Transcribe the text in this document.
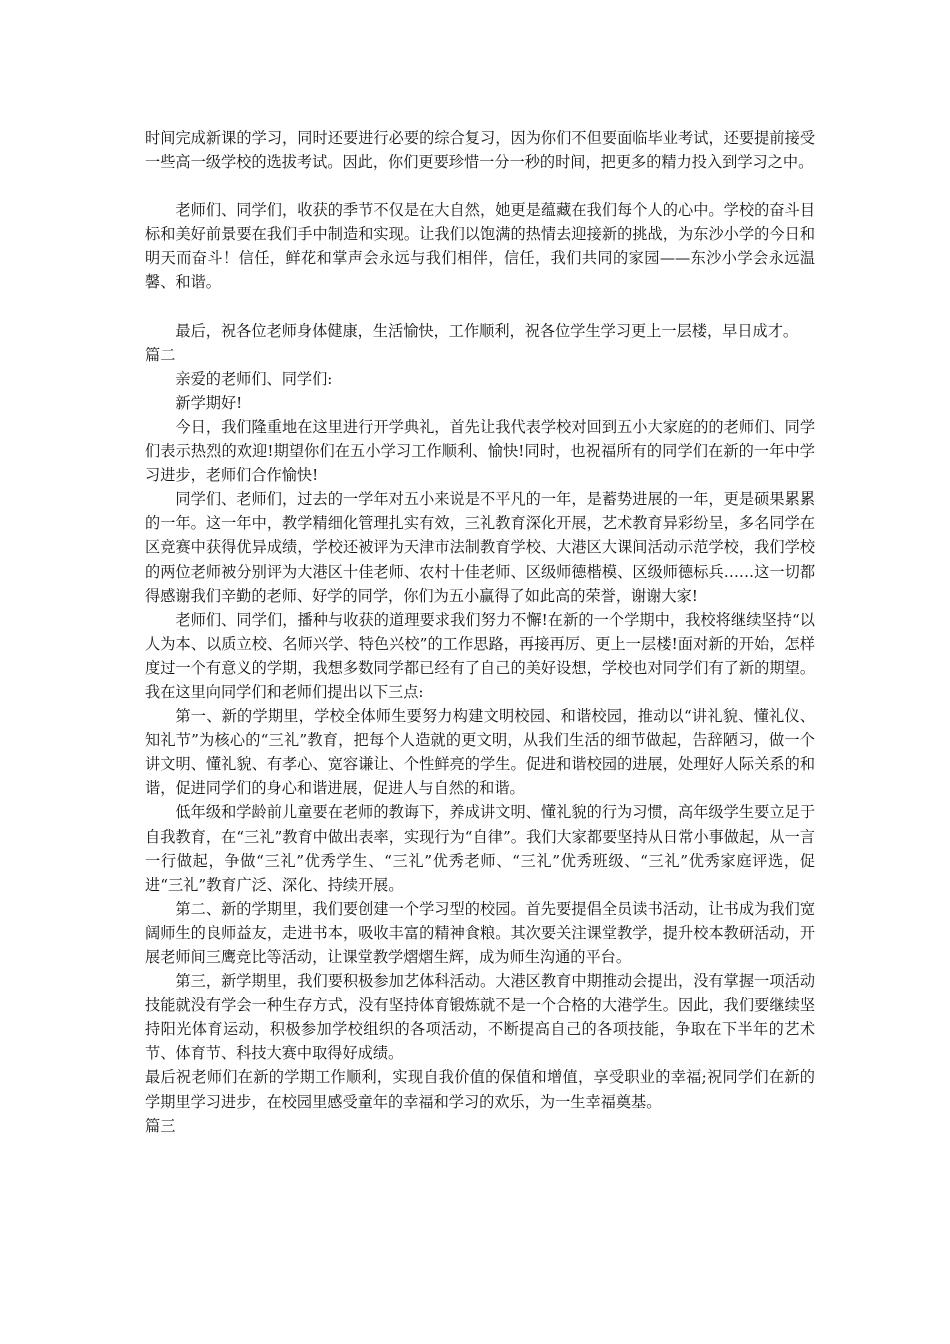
时间完成新课的学习，同时还要进行必要的综合复习，因为你们不但要面临毕业考试，还要提前接受一些高一级学校的选拔考试。因此，你们更要珍惜一分一秒的时间，把更多的精力投入到学习之中。

老师们、同学们，收获的季节不仅是在大自然，她更是蕴藏在我们每个人的心中。学校的奋斗目标和美好前景要在我们手中制造和实现。让我们以饱满的热情去迎接新的挑战，为东沙小学的今日和明天而奋斗！信任，鲜花和掌声会永远与我们相伴，信任，我们共同的家园——东沙小学会永远温馨、和谐。

最后，祝各位老师身体健康，生活愉快，工作顺利，祝各位学生学习更上一层楼，早日成才。

篇二

亲爱的老师们、同学们:

新学期好!

今日，我们隆重地在这里进行开学典礼，首先让我代表学校对回到五小大家庭的的老师们、同学们表示热烈的欢迎!期望你们在五小学习工作顺利、愉快!同时，也祝福所有的同学们在新的一年中学习进步，老师们合作愉快!

同学们、老师们，过去的一学年对五小来说是不平凡的一年，是蓄势进展的一年，更是硕果累累的一年。这一年中，教学精细化管理扎实有效，三礼教育深化开展，艺术教育异彩纷呈，多名同学在区竞赛中获得优异成绩，学校还被评为天津市法制教育学校、大港区大课间活动示范学校，我们学校的两位老师被分别评为大港区十佳老师、农村十佳老师、区级师德楷模、区级师德标兵……这一切都得感谢我们辛勤的老师、好学的同学，你们为五小赢得了如此高的荣誉，谢谢大家!

老师们、同学们，播种与收获的道理要求我们努力不懈!在新的一个学期中，我校将继续坚持“以人为本、以质立校、名师兴学、特色兴校”的工作思路，再接再厉、更上一层楼!面对新的开始，怎样度过一个有意义的学期，我想多数同学都已经有了自己的美好设想，学校也对同学们有了新的期望。我在这里向同学们和老师们提出以下三点:

第一、新的学期里，学校全体师生要努力构建文明校园、和谐校园，推动以“讲礼貌、懂礼仪、知礼节”为核心的“三礼”教育，把每个人造就的更文明，从我们生活的细节做起，告辞陋习，做一个讲文明、懂礼貌、有孝心、宽容谦让、个性鲜亮的学生。促进和谐校园的进展，处理好人际关系的和谐，促进同学们的身心和谐进展，促进人与自然的和谐。

低年级和学龄前儿童要在老师的教诲下，养成讲文明、懂礼貌的行为习惯，高年级学生要立足于自我教育，在“三礼”教育中做出表率，实现行为“自律”。我们大家都要坚持从日常小事做起，从一言一行做起，争做“三礼”优秀学生、“三礼”优秀老师、“三礼”优秀班级、“三礼”优秀家庭评选，促进“三礼”教育广泛、深化、持续开展。

第二、新的学期里，我们要创建一个学习型的校园。首先要提倡全员读书活动，让书成为我们宽阔师生的良师益友，走进书本，吸收丰富的精神食粮。其次要关注课堂教学，提升校本教研活动，开展老师间三鹰竞比等活动，让课堂教学熠熠生辉，成为师生沟通的平台。

第三，新学期里，我们要积极参加艺体科活动。大港区教育中期推动会提出，没有掌握一项活动技能就没有学会一种生存方式，没有坚持体育锻炼就不是一个合格的大港学生。因此，我们要继续坚持阳光体育运动，积极参加学校组织的各项活动，不断提高自己的各项技能，争取在下半年的艺术节、体育节、科技大赛中取得好成绩。

最后祝老师们在新的学期工作顺利，实现自我价值的保值和增值，享受职业的幸福;祝同学们在新的学期里学习进步，在校园里感受童年的幸福和学习的欢乐，为一生幸福奠基。

篇三
